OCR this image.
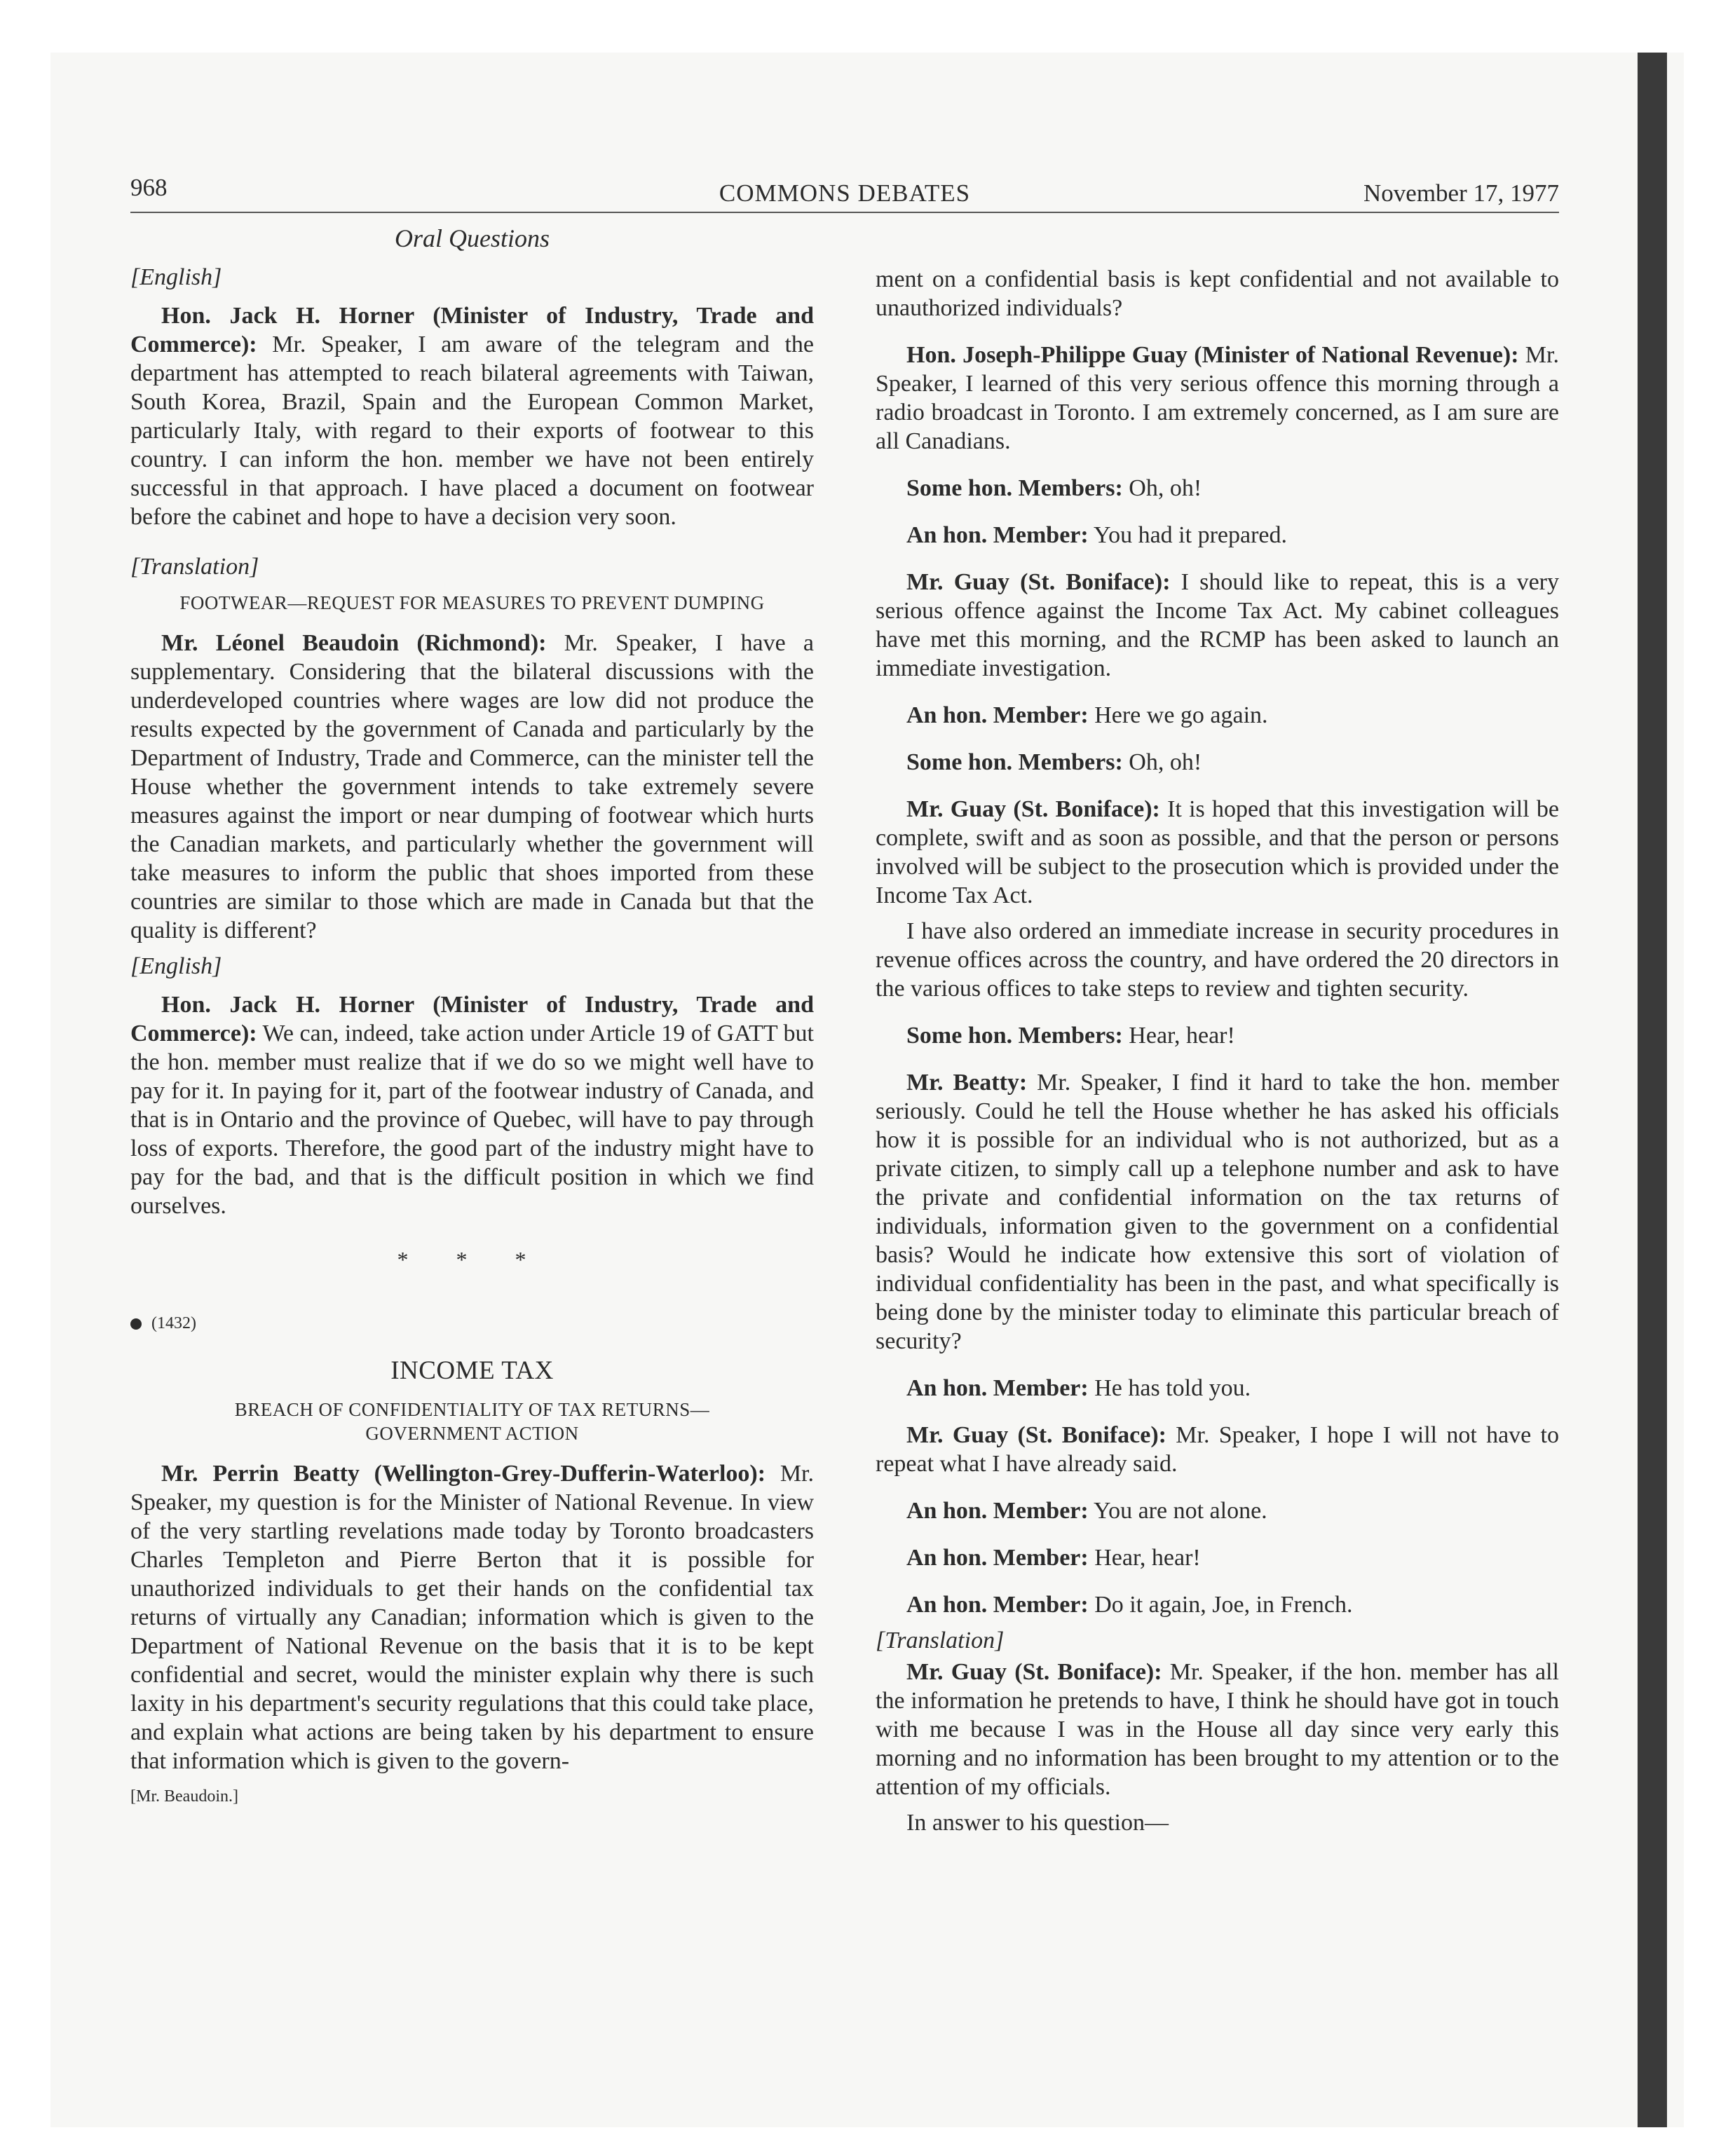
968	COMMONS DEBATES	November 17, 1977
Oral Questions
[English]

Hon. Jack H. Horner (Minister of Industry, Trade and Commerce): Mr. Speaker, I am aware of the telegram and the department has attempted to reach bilateral agreements with Taiwan, South Korea, Brazil, Spain and the European Common Market, particularly Italy, with regard to their exports of footwear to this country. I can inform the hon. member we have not been entirely successful in that approach. I have placed a document on footwear before the cabinet and hope to have a decision very soon.

[Translation]
FOOTWEAR—REQUEST FOR MEASURES TO PREVENT DUMPING

Mr. Léonel Beaudoin (Richmond): Mr. Speaker, I have a supplementary. Considering that the bilateral discussions with the underdeveloped countries where wages are low did not produce the results expected by the government of Canada and particularly by the Department of Industry, Trade and Commerce, can the minister tell the House whether the government intends to take extremely severe measures against the import or near dumping of footwear which hurts the Canadian markets, and particularly whether the government will take measures to inform the public that shoes imported from these countries are similar to those which are made in Canada but that the quality is different?

[English]

Hon. Jack H. Horner (Minister of Industry, Trade and Commerce): We can, indeed, take action under Article 19 of GATT but the hon. member must realize that if we do so we might well have to pay for it. In paying for it, part of the footwear industry of Canada, and that is in Ontario and the province of Quebec, will have to pay through loss of exports. Therefore, the good part of the industry might have to pay for the bad, and that is the difficult position in which we find ourselves.

* * *
(1432)
INCOME TAX
BREACH OF CONFIDENTIALITY OF TAX RETURNS— GOVERNMENT ACTION

Mr. Perrin Beatty (Wellington-Grey-Dufferin-Waterloo): Mr. Speaker, my question is for the Minister of National Revenue. In view of the very startling revelations made today by Toronto broadcasters Charles Templeton and Pierre Berton that it is possible for unauthorized individuals to get their hands on the confidential tax returns of virtually any Canadian; information which is given to the Department of National Revenue on the basis that it is to be kept confidential and secret, would the minister explain why there is such laxity in his department's security regulations that this could take place, and explain what actions are being taken by his department to ensure that information which is given to the govern-

[Mr. Beaudoin.]

ment on a confidential basis is kept confidential and not available to unauthorized individuals?

Hon. Joseph-Philippe Guay (Minister of National Revenue): Mr. Speaker, I learned of this very serious offence this morning through a radio broadcast in Toronto. I am extremely concerned, as I am sure are all Canadians.

Some hon. Members: Oh, oh!

An hon. Member: You had it prepared.

Mr. Guay (St. Boniface): I should like to repeat, this is a very serious offence against the Income Tax Act. My cabinet colleagues have met this morning, and the RCMP has been asked to launch an immediate investigation.

An hon. Member: Here we go again.

Some hon. Members: Oh, oh!

Mr. Guay (St. Boniface): It is hoped that this investigation will be complete, swift and as soon as possible, and that the person or persons involved will be subject to the prosecution which is provided under the Income Tax Act.

I have also ordered an immediate increase in security procedures in revenue offices across the country, and have ordered the 20 directors in the various offices to take steps to review and tighten security.

Some hon. Members: Hear, hear!

Mr. Beatty: Mr. Speaker, I find it hard to take the hon. member seriously. Could he tell the House whether he has asked his officials how it is possible for an individual who is not authorized, but as a private citizen, to simply call up a telephone number and ask to have the private and confidential information on the tax returns of individuals, information given to the government on a confidential basis? Would he indicate how extensive this sort of violation of individual confidentiality has been in the past, and what specifically is being done by the minister today to eliminate this particular breach of security?

An hon. Member: He has told you.

Mr. Guay (St. Boniface): Mr. Speaker, I hope I will not have to repeat what I have already said.

An hon. Member: You are not alone.

An hon. Member: Hear, hear!

An hon. Member: Do it again, Joe, in French.

[Translation]

Mr. Guay (St. Boniface): Mr. Speaker, if the hon. member has all the information he pretends to have, I think he should have got in touch with me because I was in the House all day since very early this morning and no information has been brought to my attention or to the attention of my officials.

In answer to his question—
